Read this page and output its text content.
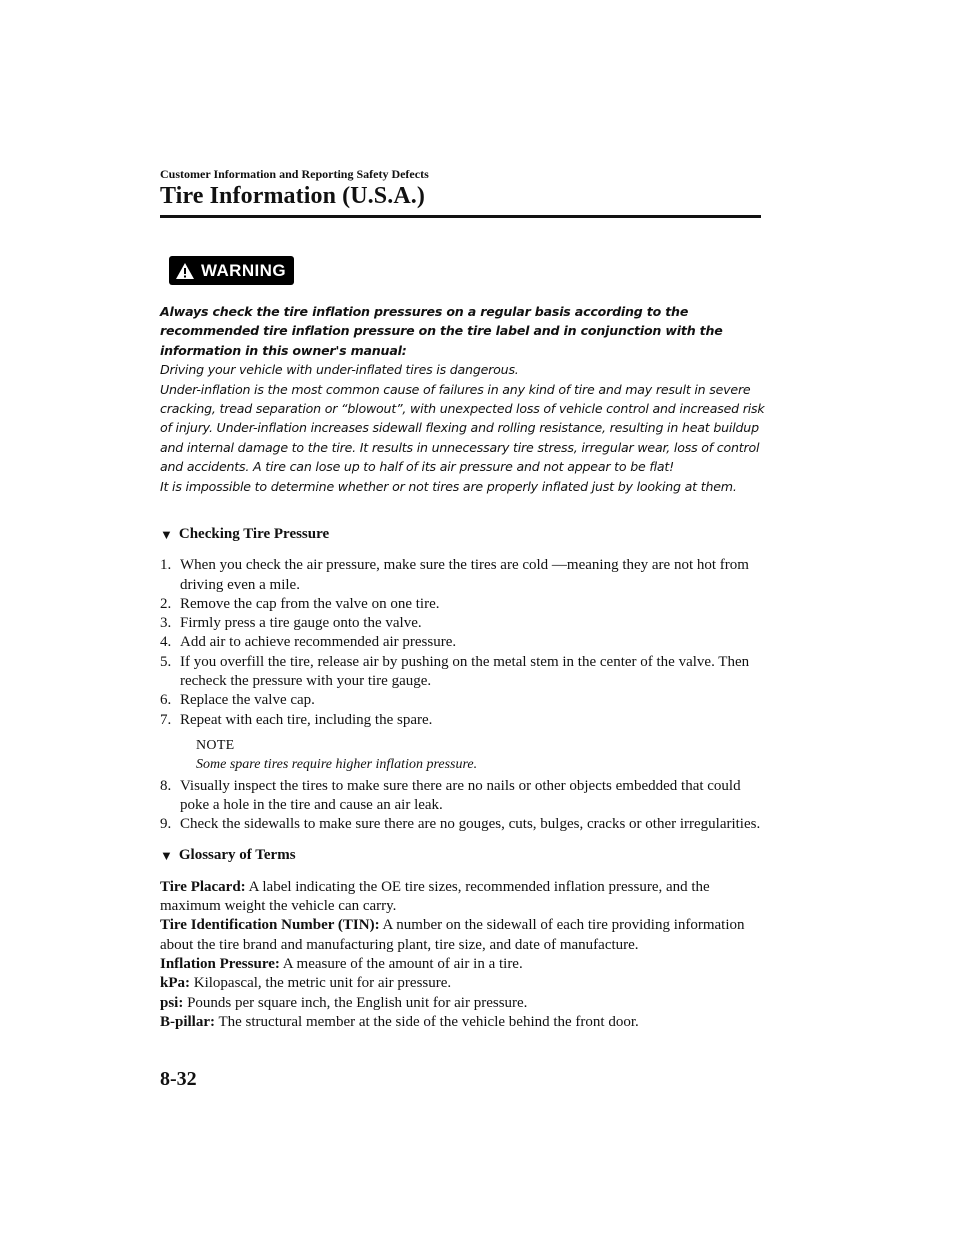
Customer Information and Reporting Safety Defects
Tire Information (U.S.A.)
WARNING

Always check the tire inflation pressures on a regular basis according to the recommended tire inflation pressure on the tire label and in conjunction with the information in this owner's manual:

Driving your vehicle with under-inflated tires is dangerous.

Under-inflation is the most common cause of failures in any kind of tire and may result in severe cracking, tread separation or “blowout”, with unexpected loss of vehicle control and increased risk of injury. Under-inflation increases sidewall flexing and rolling resistance, resulting in heat buildup and internal damage to the tire. It results in unnecessary tire stress, irregular wear, loss of control and accidents. A tire can lose up to half of its air pressure and not appear to be flat!

It is impossible to determine whether or not tires are properly inflated just by looking at them.

▼ Checking Tire Pressure
1. When you check the air pressure, make sure the tires are cold ―meaning they are not hot from driving even a mile.
2. Remove the cap from the valve on one tire.
3. Firmly press a tire gauge onto the valve.
4. Add air to achieve recommended air pressure.
5. If you overfill the tire, release air by pushing on the metal stem in the center of the valve. Then recheck the pressure with your tire gauge.
6. Replace the valve cap.
7. Repeat with each tire, including the spare.
NOTE
Some spare tires require higher inflation pressure.
8. Visually inspect the tires to make sure there are no nails or other objects embedded that could poke a hole in the tire and cause an air leak.
9. Check the sidewalls to make sure there are no gouges, cuts, bulges, cracks or other irregularities.
▼ Glossary of Terms

Tire Placard: A label indicating the OE tire sizes, recommended inflation pressure, and the maximum weight the vehicle can carry.

Tire Identification Number (TIN): A number on the sidewall of each tire providing information about the tire brand and manufacturing plant, tire size, and date of manufacture.

Inflation Pressure: A measure of the amount of air in a tire.

kPa: Kilopascal, the metric unit for air pressure.

psi: Pounds per square inch, the English unit for air pressure.

B-pillar: The structural member at the side of the vehicle behind the front door.

8-32
